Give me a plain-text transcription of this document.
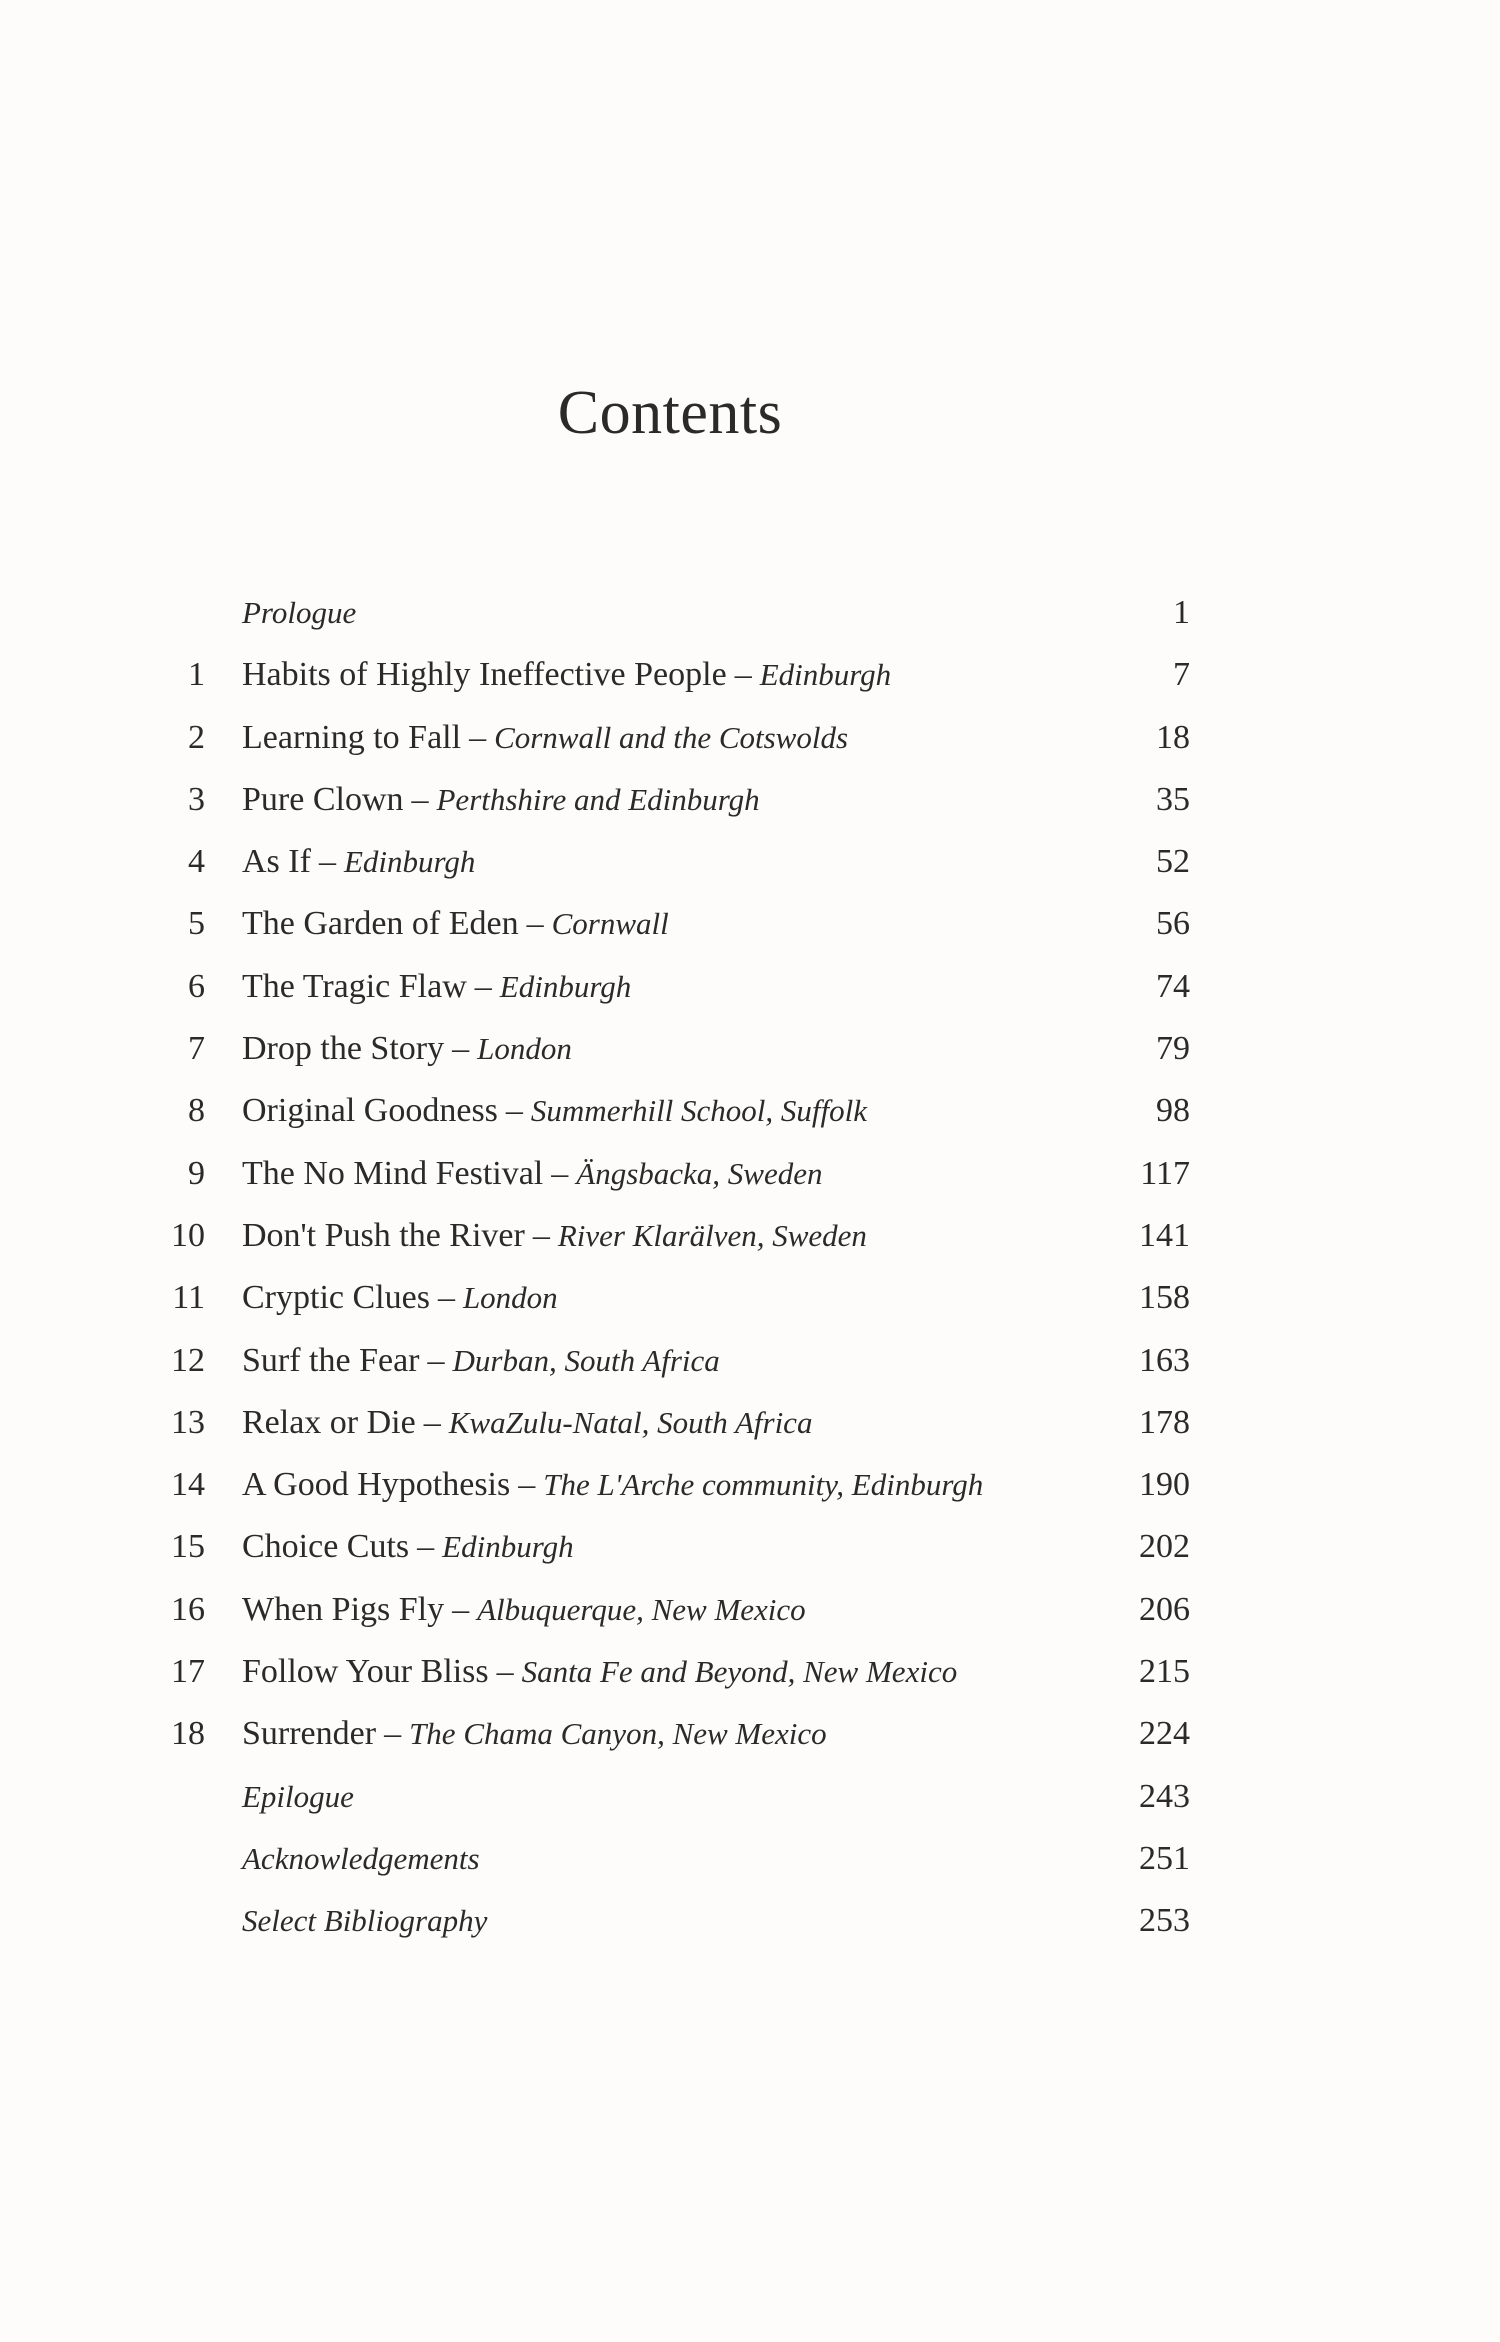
Contents
Prologue	1
1 Habits of Highly Ineffective People – Edinburgh	7
2 Learning to Fall – Cornwall and the Cotswolds	18
3 Pure Clown – Perthshire and Edinburgh	35
4 As If – Edinburgh	52
5 The Garden of Eden – Cornwall	56
6 The Tragic Flaw – Edinburgh	74
7 Drop the Story – London	79
8 Original Goodness – Summerhill School, Suffolk	98
9 The No Mind Festival – Ängsbacka, Sweden	117
10 Don't Push the River – River Klarälven, Sweden	141
11 Cryptic Clues – London	158
12 Surf the Fear – Durban, South Africa	163
13 Relax or Die – KwaZulu-Natal, South Africa	178
14 A Good Hypothesis – The L'Arche community, Edinburgh	190
15 Choice Cuts – Edinburgh	202
16 When Pigs Fly – Albuquerque, New Mexico	206
17 Follow Your Bliss – Santa Fe and Beyond, New Mexico	215
18 Surrender – The Chama Canyon, New Mexico	224
Epilogue	243
Acknowledgements	251
Select Bibliography	253
